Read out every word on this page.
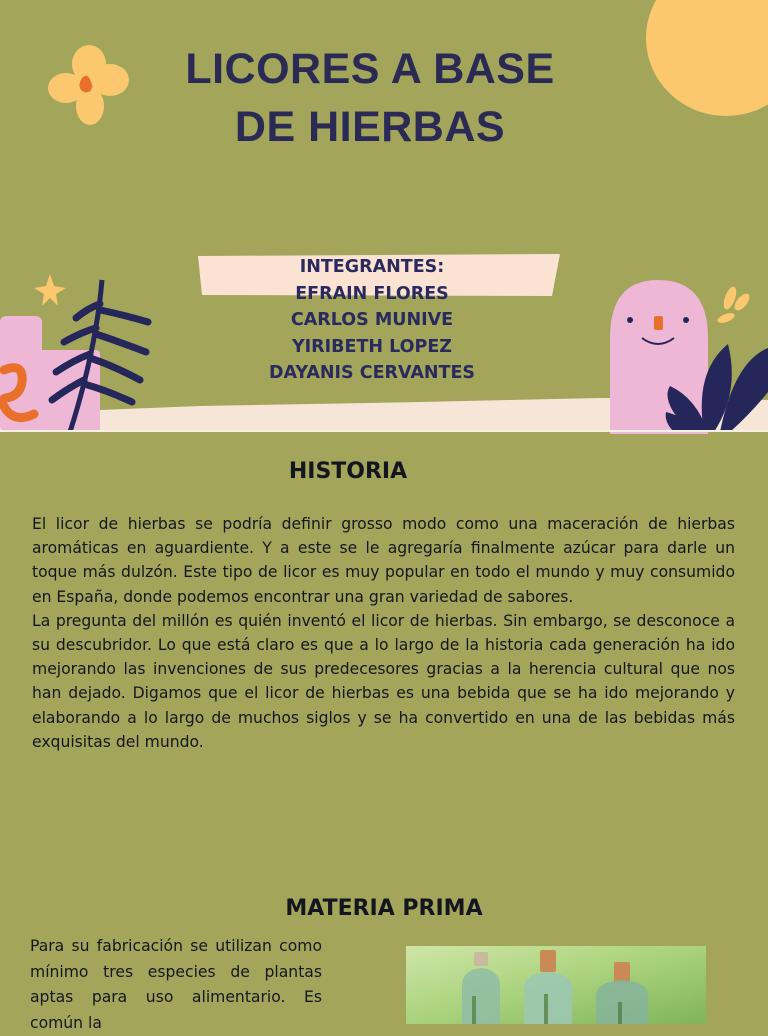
LICORES A BASE
DE HIERBAS
INTEGRANTES:
EFRAIN FLORES
CARLOS MUNIVE
YIRIBETH LOPEZ
DAYANIS CERVANTES
HISTORIA

El licor de hierbas se podría definir grosso modo como una maceración de hierbas aromáticas en aguardiente. Y a este se le agregaría finalmente azúcar para darle un toque más dulzón. Este tipo de licor es muy popular en todo el mundo y muy consumido en España, donde podemos encontrar una gran variedad de sabores.

La pregunta del millón es quién inventó el licor de hierbas. Sin embargo, se desconoce a su descubridor. Lo que está claro es que a lo largo de la historia cada generación ha ido mejorando las invenciones de sus predecesores gracias a la herencia cultural que nos han dejado. Digamos que el licor de hierbas es una bebida que se ha ido mejorando y elaborando a lo largo de muchos siglos y se ha convertido en una de las bebidas más exquisitas del mundo.

MATERIA PRIMA
Para su fabricación se utilizan como mínimo tres especies de plantas aptas para uso alimentario. Es común la
